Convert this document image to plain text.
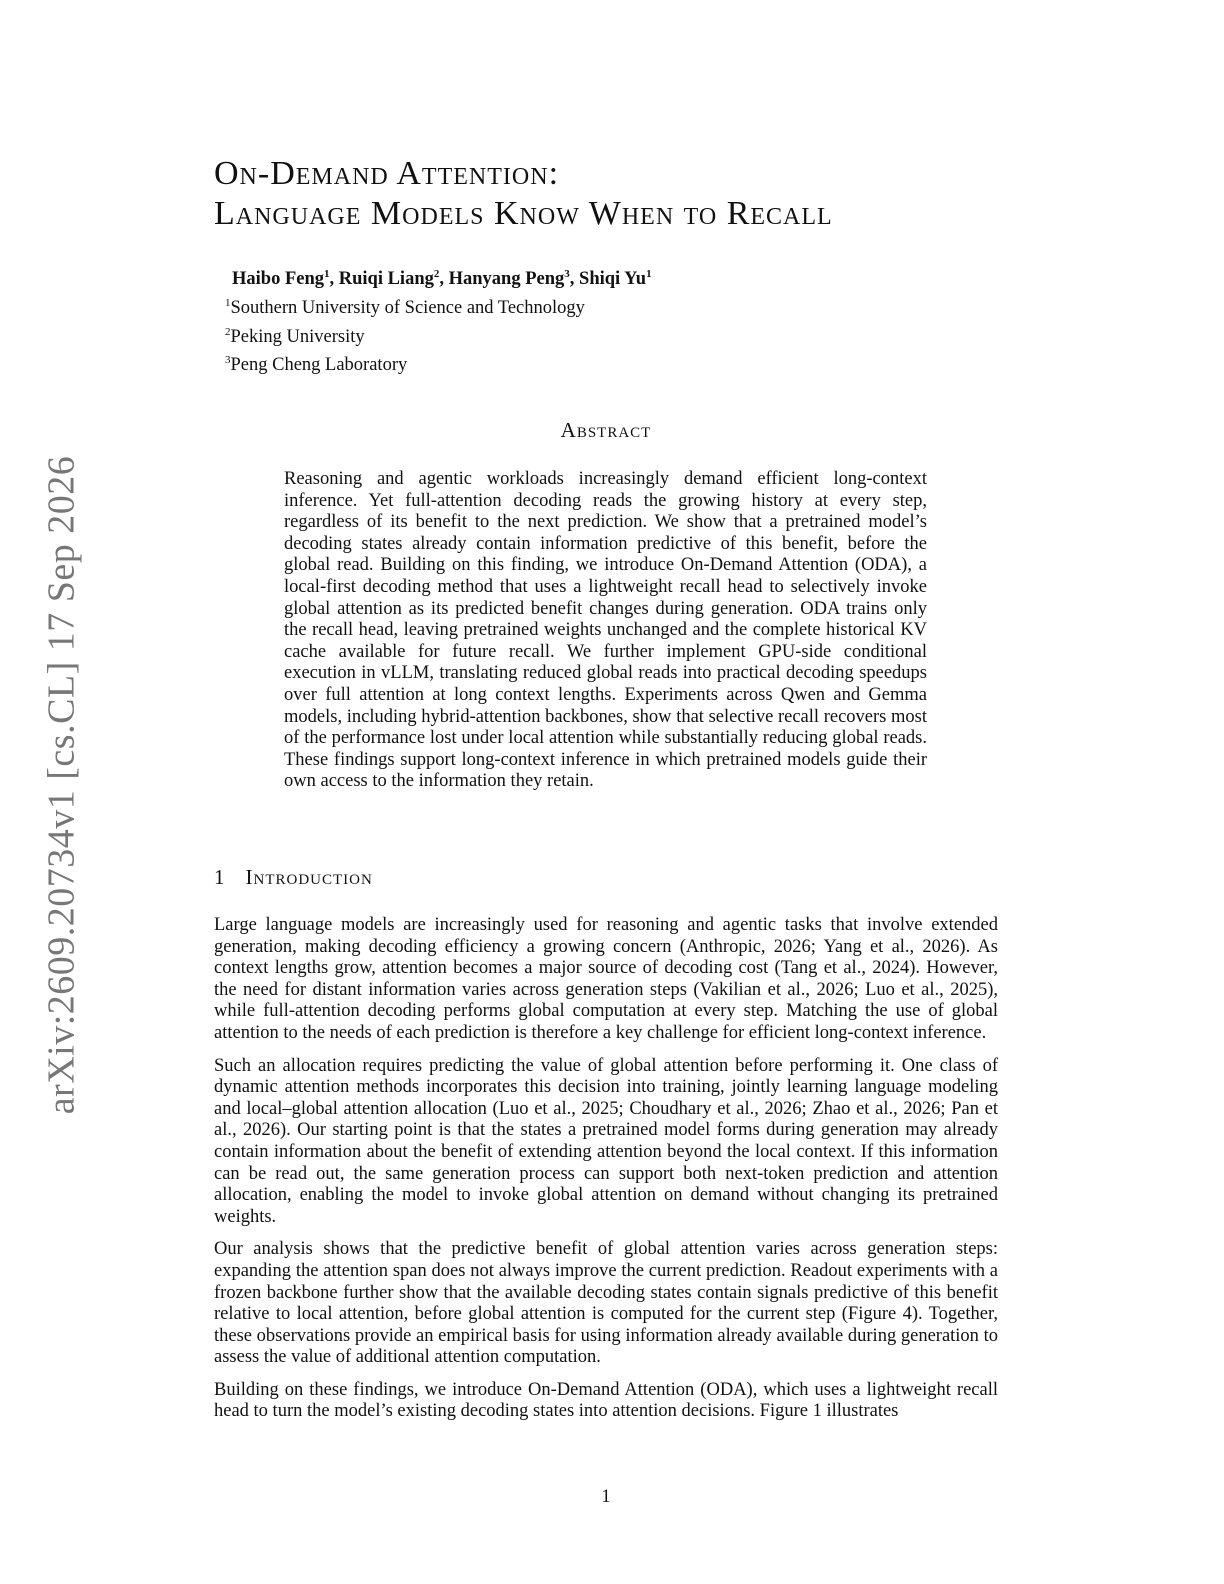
arXiv:2609.20734v1 [cs.CL] 17 Sep 2026
On-Demand Attention:
Language Models Know When to Recall
Haibo Feng$^1$, Ruiqi Liang$^2$, Hanyang Peng$^3$, Shiqi Yu$^1$
$^1$Southern University of Science and Technology
$^2$Peking University
$^3$Peng Cheng Laboratory
Abstract

Reasoning and agentic workloads increasingly demand efficient long-context inference. Yet full-attention decoding reads the growing history at every step, regardless of its benefit to the next prediction. We show that a pretrained model’s decoding states already contain information predictive of this benefit, before the global read. Building on this finding, we introduce On-Demand Attention (ODA), a local-first decoding method that uses a lightweight recall head to selectively invoke global attention as its predicted benefit changes during generation. ODA trains only the recall head, leaving pretrained weights unchanged and the complete historical KV cache available for future recall. We further implement GPU-side conditional execution in vLLM, translating reduced global reads into practical decoding speedups over full attention at long context lengths. Experiments across Qwen and Gemma models, including hybrid-attention backbones, show that selective recall recovers most of the performance lost under local attention while substantially reducing global reads. These findings support long-context inference in which pretrained models guide their own access to the information they retain.

1 Introduction

Large language models are increasingly used for reasoning and agentic tasks that involve extended generation, making decoding efficiency a growing concern (Anthropic, 2026; Yang et al., 2026). As context lengths grow, attention becomes a major source of decoding cost (Tang et al., 2024). However, the need for distant information varies across generation steps (Vakilian et al., 2026; Luo et al., 2025), while full-attention decoding performs global computation at every step. Matching the use of global attention to the needs of each prediction is therefore a key challenge for efficient long-context inference.

Such an allocation requires predicting the value of global attention before performing it. One class of dynamic attention methods incorporates this decision into training, jointly learning language modeling and local–global attention allocation (Luo et al., 2025; Choudhary et al., 2026; Zhao et al., 2026; Pan et al., 2026). Our starting point is that the states a pretrained model forms during generation may already contain information about the benefit of extending attention beyond the local context. If this information can be read out, the same generation process can support both next-token prediction and attention allocation, enabling the model to invoke global attention on demand without changing its pretrained weights.

Our analysis shows that the predictive benefit of global attention varies across generation steps: expanding the attention span does not always improve the current prediction. Readout experiments with a frozen backbone further show that the available decoding states contain signals predictive of this benefit relative to local attention, before global attention is computed for the current step (Figure 4). Together, these observations provide an empirical basis for using information already available during generation to assess the value of additional attention computation.

Building on these findings, we introduce On-Demand Attention (ODA), which uses a lightweight recall head to turn the model’s existing decoding states into attention decisions. Figure 1 illustrates

1
